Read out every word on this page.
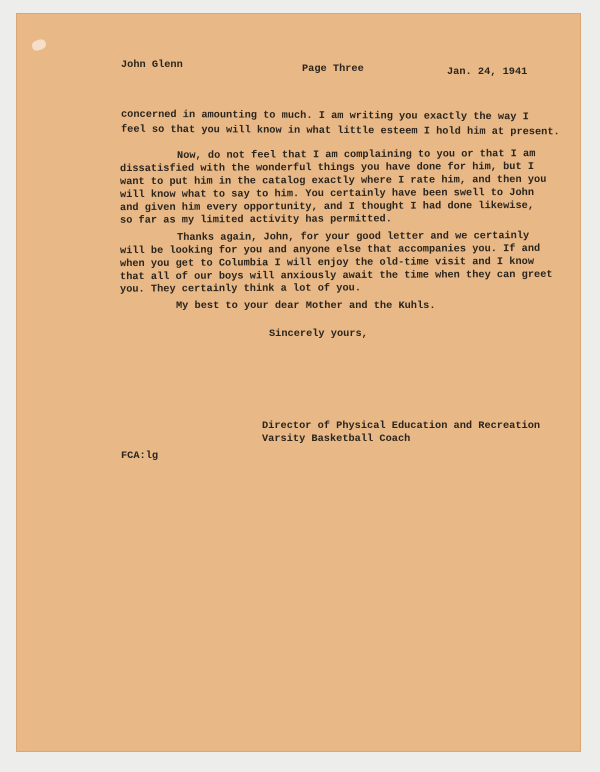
John Glenn	Page Three	Jan. 24, 1941
concerned in amounting to much. I am writing you exactly the way I
feel so that you will know in what little esteem I hold him at present.
Now, do not feel that I am complaining to you or that I am
dissatisfied with the wonderful things you have done for him, but I
want to put him in the catalog exactly where I rate him, and then you
will know what to say to him. You certainly have been swell to John
and given him every opportunity, and I thought I had done likewise,
so far as my limited activity has permitted.
Thanks again, John, for your good letter and we certainly
will be looking for you and anyone else that accompanies you. If and
when you get to Columbia I will enjoy the old-time visit and I know
that all of our boys will anxiously await the time when they can greet
you. They certainly think a lot of you.
My best to your dear Mother and the Kuhls.
Sincerely yours,
Director of Physical Education and Recreation
Varsity Basketball Coach
FCA:lg
